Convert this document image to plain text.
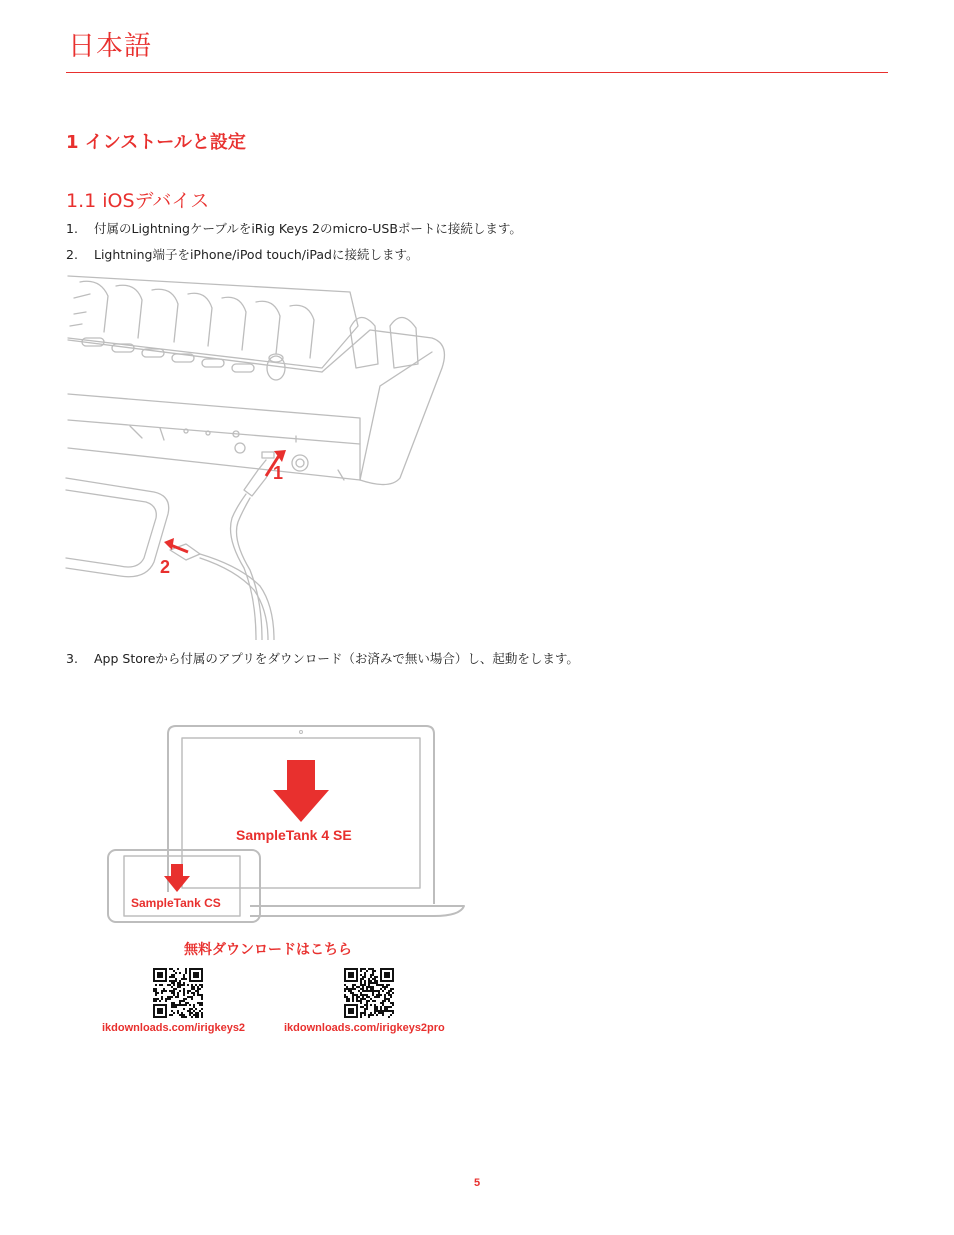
日本語
1 インストールと設定
1.1 iOSデバイス
1. 付属のLightningケーブルをiRig Keys 2のmicro-USBポートに接続します。
2. Lightning端子をiPhone/iPod touch/iPadに接続します。
1
2
3. App Storeから付属のアプリをダウンロード（お済みで無い場合）し、起動をします。
SampleTank 4 SE
SampleTank CS
無料ダウンロードはこちら
ikdownloads.com/irigkeys2	ikdownloads.com/irigkeys2pro
5
